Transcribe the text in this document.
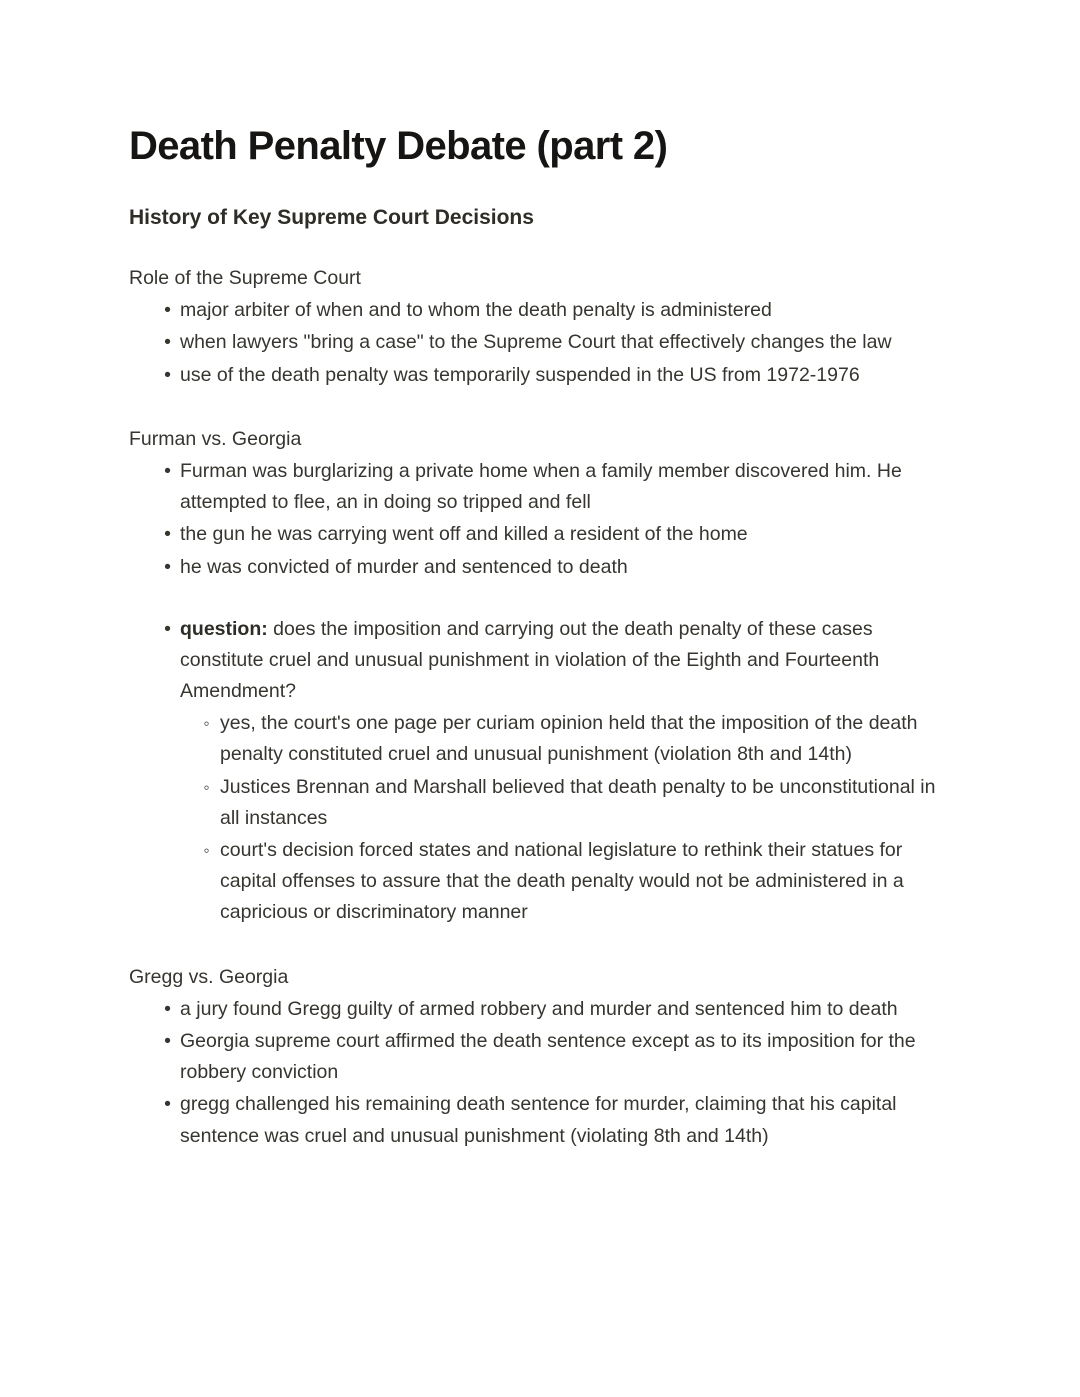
Death Penalty Debate (part 2)
History of Key Supreme Court Decisions
Role of the Supreme Court
• major arbiter of when and to whom the death penalty is administered
• when lawyers "bring a case" to the Supreme Court that effectively changes the law
• use of the death penalty was temporarily suspended in the US from 1972-1976
Furman vs. Georgia
• Furman was burglarizing a private home when a family member discovered him. He attempted to flee, an in doing so tripped and fell
• the gun he was carrying went off and killed a resident of the home
• he was convicted of murder and sentenced to death
• question: does the imposition and carrying out the death penalty of these cases constitute cruel and unusual punishment in violation of the Eighth and Fourteenth Amendment?
◦ yes, the court's one page per curiam opinion held that the imposition of the death penalty constituted cruel and unusual punishment (violation 8th and 14th)
◦ Justices Brennan and Marshall believed that death penalty to be unconstitutional in all instances
◦ court's decision forced states and national legislature to rethink their statues for capital offenses to assure that the death penalty would not be administered in a capricious or discriminatory manner
Gregg vs. Georgia
• a jury found Gregg guilty of armed robbery and murder and sentenced him to death
• Georgia supreme court affirmed the death sentence except as to its imposition for the robbery conviction
• gregg challenged his remaining death sentence for murder, claiming that his capital sentence was cruel and unusual punishment (violating 8th and 14th)
